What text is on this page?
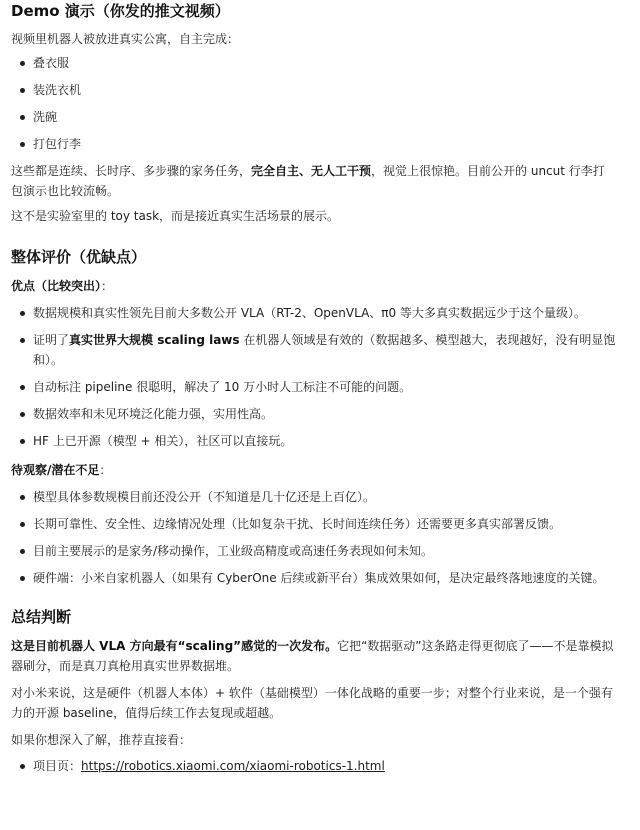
Demo 演示（你发的推文视频）

视频里机器人被放进真实公寓，自主完成：

叠衣服
装洗衣机
洗碗
打包行李

这些都是连续、长时序、多步骤的家务任务，完全自主、无人工干预，视觉上很惊艳。目前公开的 uncut 行李打包演示也比较流畅。

这不是实验室里的 toy task，而是接近真实生活场景的展示。

整体评价（优缺点）

优点（比较突出）：

数据规模和真实性领先目前大多数公开 VLA（RT-2、OpenVLA、π0 等大多真实数据远少于这个量级）。
证明了真实世界大规模 scaling laws 在机器人领域是有效的（数据越多、模型越大，表现越好，没有明显饱和）。
自动标注 pipeline 很聪明，解决了 10 万小时人工标注不可能的问题。
数据效率和未见环境泛化能力强，实用性高。
HF 上已开源（模型 + 相关），社区可以直接玩。

待观察/潜在不足：

模型具体参数规模目前还没公开（不知道是几十亿还是上百亿）。
长期可靠性、安全性、边缘情况处理（比如复杂干扰、长时间连续任务）还需要更多真实部署反馈。
目前主要展示的是家务/移动操作，工业级高精度或高速任务表现如何未知。
硬件端：小米自家机器人（如果有 CyberOne 后续或新平台）集成效果如何，是决定最终落地速度的关键。
总结判断

这是目前机器人 VLA 方向最有“scaling”感觉的一次发布。它把“数据驱动”这条路走得更彻底了——不是靠模拟器刷分，而是真刀真枪用真实世界数据堆。

对小米来说，这是硬件（机器人本体）+ 软件（基础模型）一体化战略的重要一步；对整个行业来说，是一个强有力的开源 baseline，值得后续工作去复现或超越。

如果你想深入了解，推荐直接看：

项目页：https://robotics.xiaomi.com/xiaomi-robotics-1.html
